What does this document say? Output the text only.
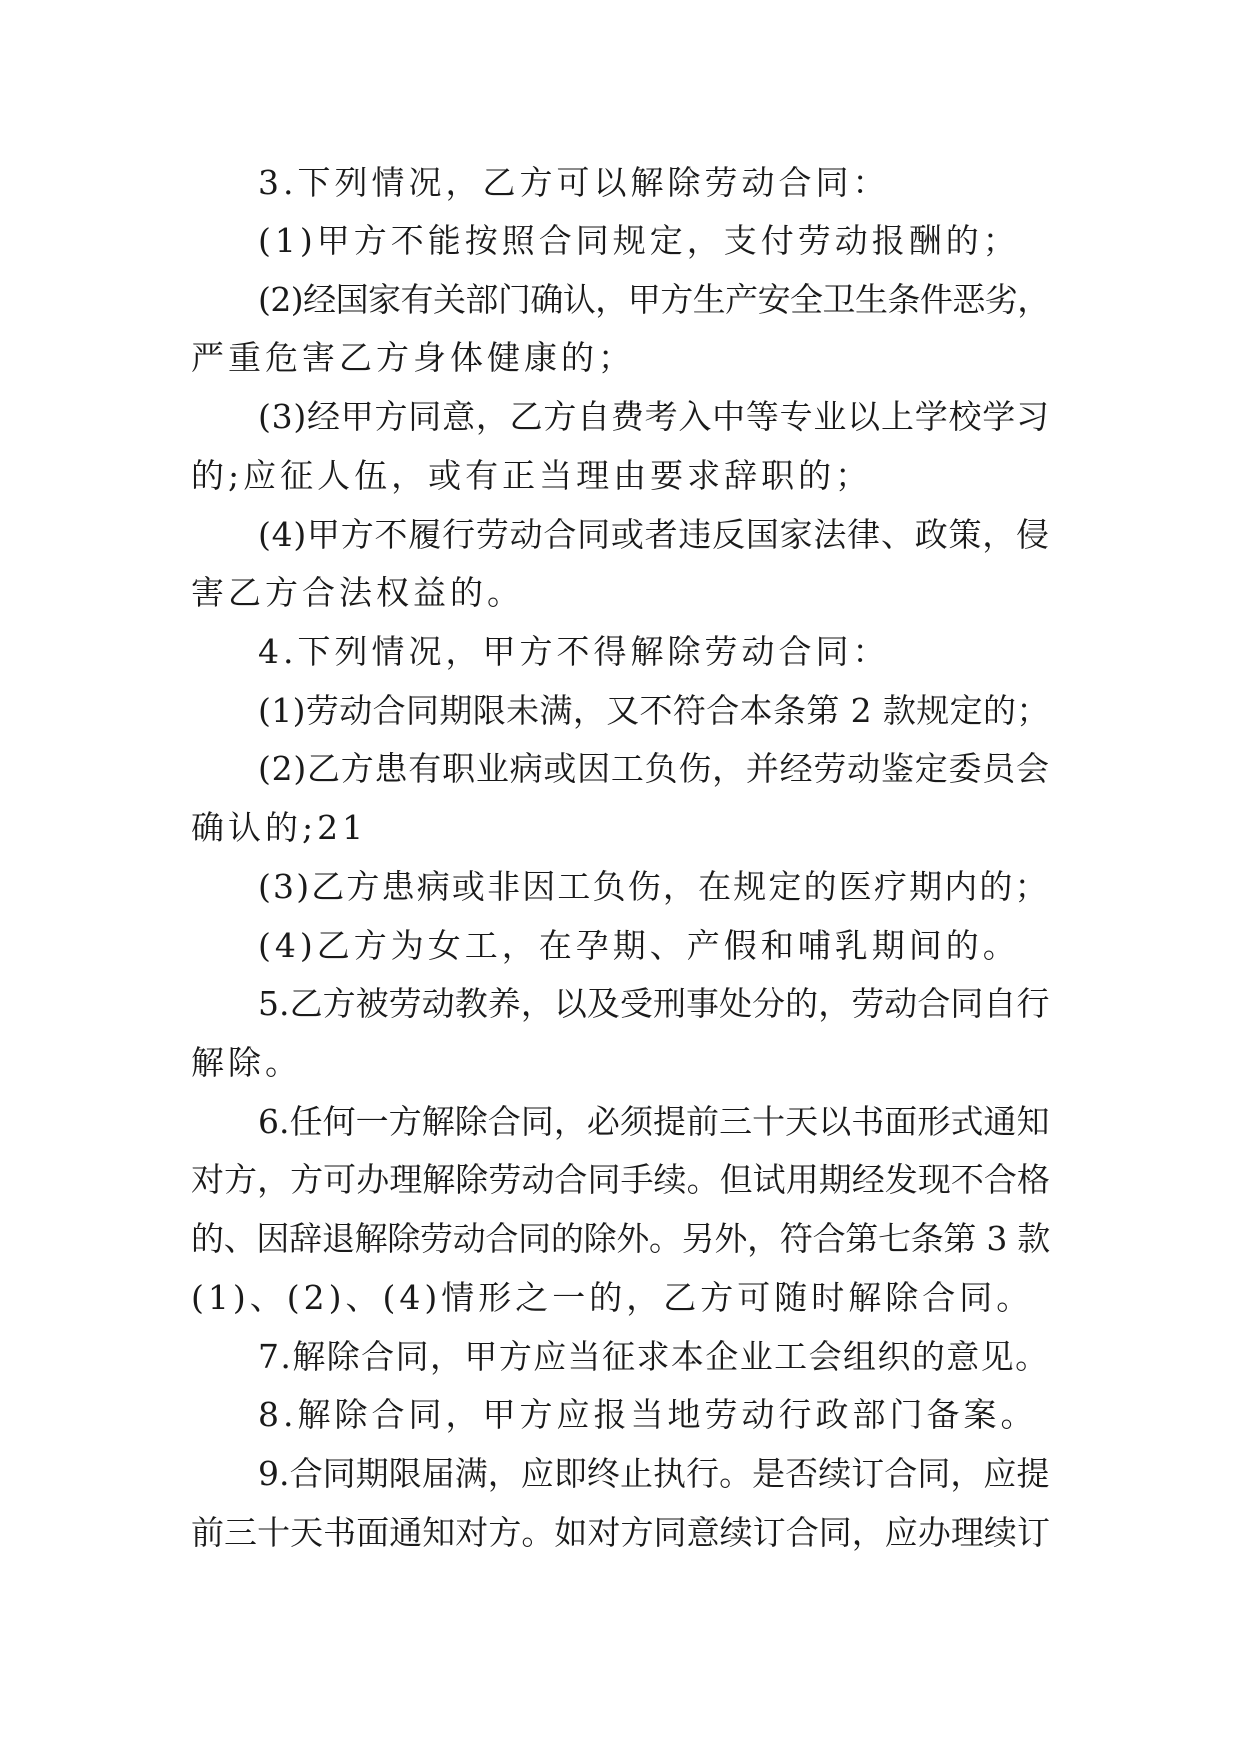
3.下列情况，乙方可以解除劳动合同：
(1)甲方不能按照合同规定，支付劳动报酬的；
(2)经国家有关部门确认，甲方生产安全卫生条件恶劣，
严重危害乙方身体健康的；
(3)经甲方同意，乙方自费考入中等专业以上学校学习
的;应征人伍，或有正当理由要求辞职的；
(4)甲方不履行劳动合同或者违反国家法律、政策，侵
害乙方合法权益的。
4.下列情况，甲方不得解除劳动合同：
(1)劳动合同期限未满，又不符合本条第 2 款规定的；
(2)乙方患有职业病或因工负伤，并经劳动鉴定委员会
确认的;21
(3)乙方患病或非因工负伤，在规定的医疗期内的；
(4)乙方为女工，在孕期、产假和哺乳期间的。
5.乙方被劳动教养，以及受刑事处分的，劳动合同自行
解除。
6.任何一方解除合同，必须提前三十天以书面形式通知
对方，方可办理解除劳动合同手续。但试用期经发现不合格
的、因辞退解除劳动合同的除外。另外，符合第七条第 3 款
(1)、(2)、(4)情形之一的，乙方可随时解除合同。
7.解除合同，甲方应当征求本企业工会组织的意见。
8.解除合同，甲方应报当地劳动行政部门备案。
9.合同期限届满，应即终止执行。是否续订合同，应提
前三十天书面通知对方。如对方同意续订合同，应办理续订
